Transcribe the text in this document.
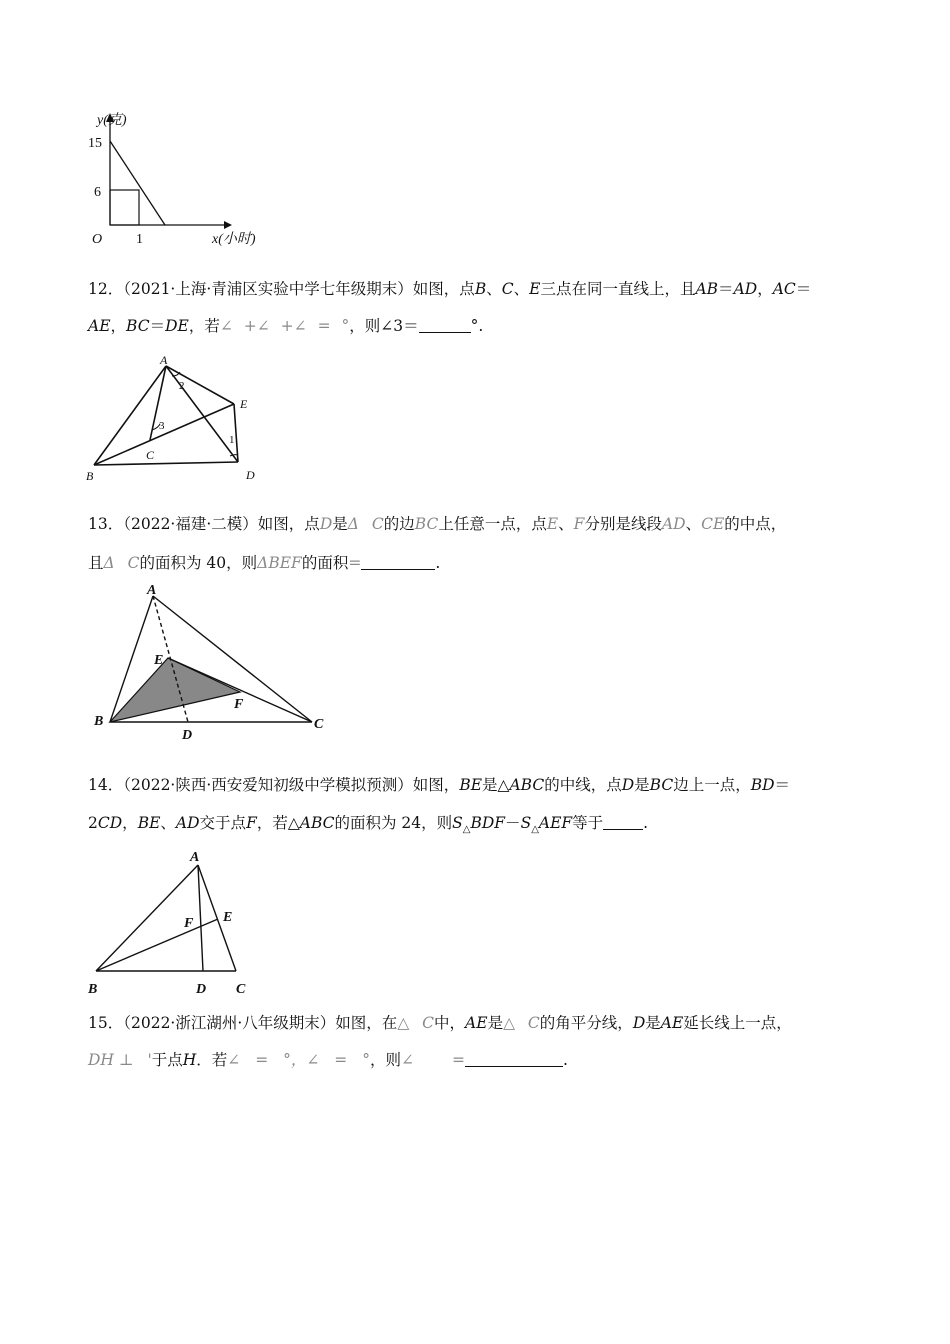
y(克)
x(小时)
15
6
1
O
12．（2021·上海·青浦区实验中学七年级期末）如图，点B、C、E三点在同一直线上，且AB＝AD，AC＝
AE，BC＝DE，若∠ +∠ +∠ = °，则∠3＝	°.
A
B
C
D
E
1
2
3
13．（2022·福建·二模）如图，点D是Δ C的边BC上任意一点，点E、F分别是线段AD、CE的中点，
且Δ C的面积为 40，则ΔBEF的面积=	.
A
B	C
D
E
F
14．（2022·陕西·西安爱知初级中学模拟预测）如图，BE是△ABC的中线，点D是BC边上一点，BD＝
2CD，BE、AD交于点F，若△ABC的面积为 24，则$S_\triangle BDF-S_\triangle AEF$等于	.
A
B	C
D
E
F
15．（2022·浙江湖州·八年级期末）如图，在△ C中，AE是△ C的角平分线，D是AE延长线上一点，
DH ⊥ '于点H．若∠ = °，∠ = °，则∠ =	.
